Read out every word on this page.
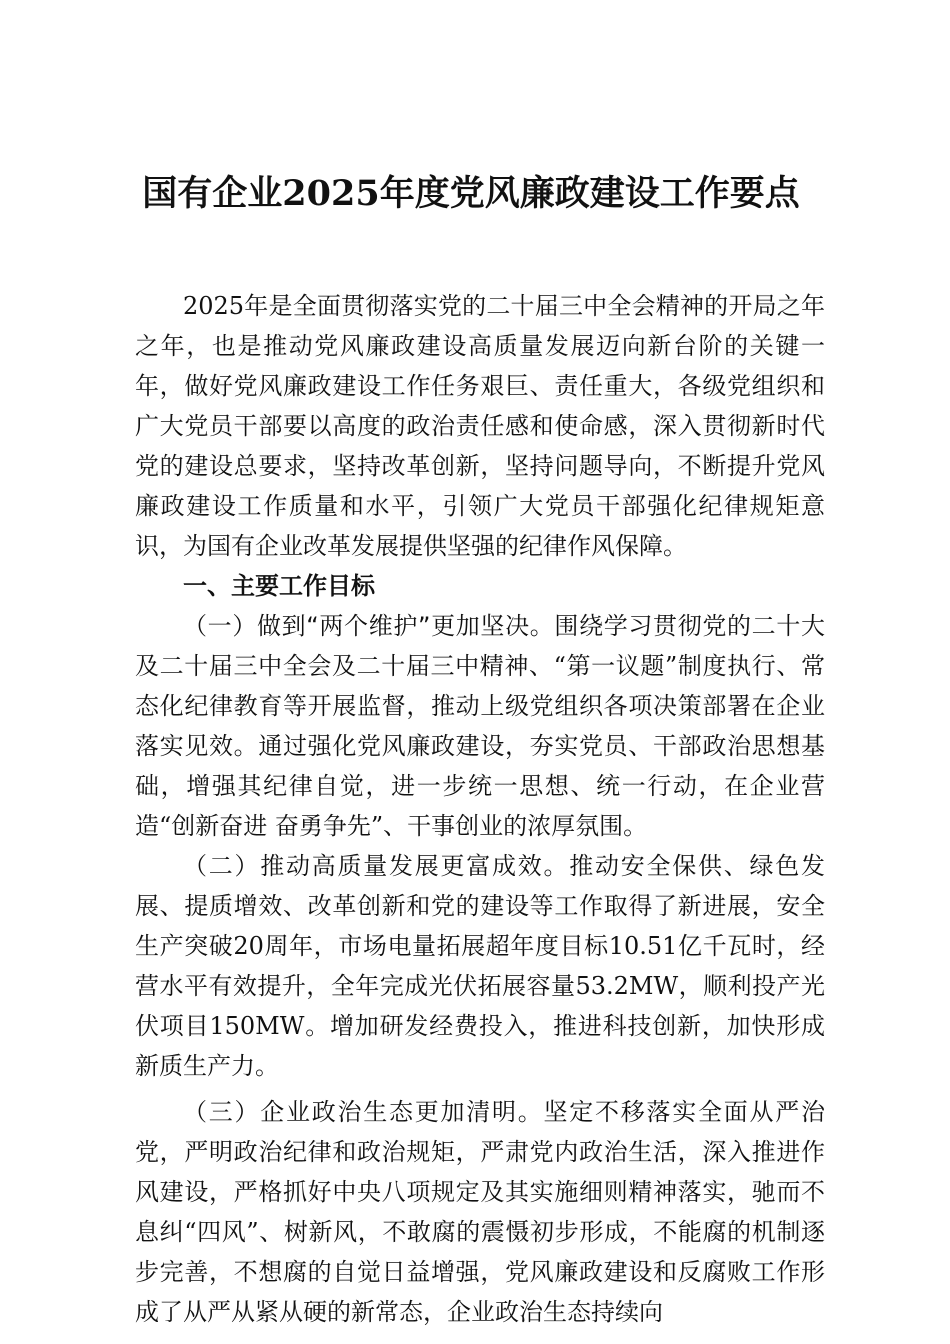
国有企业2025年度党风廉政建设工作要点

2025年是全面贯彻落实党的二十届三中全会精神的开局之年之年，也是推动党风廉政建设高质量发展迈向新台阶的关键一年，做好党风廉政建设工作任务艰巨、责任重大，各级党组织和广大党员干部要以高度的政治责任感和使命感，深入贯彻新时代党的建设总要求，坚持改革创新，坚持问题导向，不断提升党风廉政建设工作质量和水平，引领广大党员干部强化纪律规矩意识，为国有企业改革发展提供坚强的纪律作风保障。

一、主要工作目标

（一）做到“两个维护”更加坚决。围绕学习贯彻党的二十大及二十届三中全会及二十届三中精神、“第一议题”制度执行、常态化纪律教育等开展监督，推动上级党组织各项决策部署在企业落实见效。通过强化党风廉政建设，夯实党员、干部政治思想基础，增强其纪律自觉，进一步统一思想、统一行动，在企业营造“创新奋进 奋勇争先”、干事创业的浓厚氛围。

（二）推动高质量发展更富成效。推动安全保供、绿色发展、提质增效、改革创新和党的建设等工作取得了新进展，安全生产突破20周年，市场电量拓展超年度目标10.51亿千瓦时，经营水平有效提升，全年完成光伏拓展容量53.2MW，顺利投产光伏项目150MW。增加研发经费投入，推进科技创新，加快形成新质生产力。

（三）企业政治生态更加清明。坚定不移落实全面从严治党，严明政治纪律和政治规矩，严肃党内政治生活，深入推进作风建设，严格抓好中央八项规定及其实施细则精神落实，驰而不息纠“四风”、树新风，不敢腐的震慑初步形成，不能腐的机制逐步完善，不想腐的自觉日益增强，党风廉政建设和反腐败工作形成了从严从紧从硬的新常态，企业政治生态持续向
